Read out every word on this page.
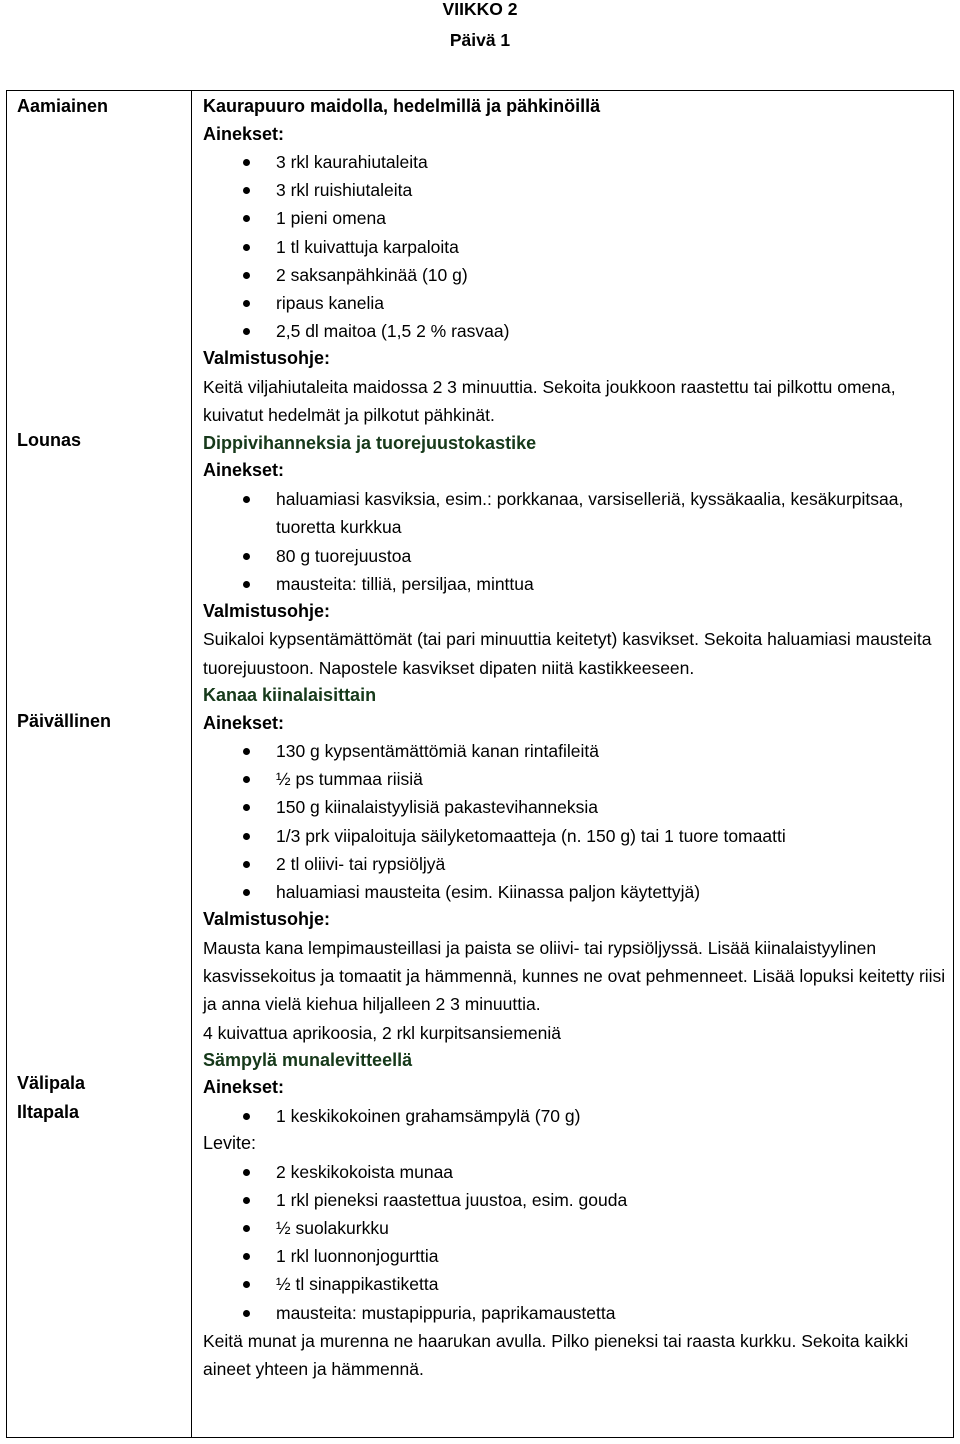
VIIKKO 2
Päivä 1
Aamiainen
Lounas
Päivällinen
Välipala
Iltapala
Kaurapuuro maidolla, hedelmillä ja pähkinöillä
Ainekset:
3 rkl kaurahiutaleita
3 rkl ruishiutaleita
1 pieni omena
1 tl kuivattuja karpaloita
2 saksanpähkinää (10 g)
ripaus kanelia
2,5 dl maitoa (1,5 2 % rasvaa)
Valmistusohje:
Keitä viljahiutaleita maidossa 2 3 minuuttia. Sekoita joukkoon raastettu tai pilkottu omena, kuivatut hedelmät ja pilkotut pähkinät.
Dippivihanneksia ja tuorejuustokastike
Ainekset:
haluamiasi kasviksia, esim.: porkkanaa, varsiselleriä, kyssäkaalia, kesäkurpitsaa, tuoretta kurkkua
80 g tuorejuustoa
mausteita: tilliä, persiljaa, minttua
Valmistusohje:
Suikaloi kypsentämättömät (tai pari minuuttia keitetyt) kasvikset. Sekoita haluamiasi mausteita tuorejuustoon. Napostele kasvikset dipaten niitä kastikkeeseen.
Kanaa kiinalaisittain
Ainekset:
130 g kypsentämättömiä kanan rintafileitä
½ ps tummaa riisiä
150 g kiinalaistyylisiä pakastevihanneksia
1/3 prk viipaloituja säilyketomaatteja (n. 150 g) tai 1 tuore tomaatti
2 tl oliivi- tai rypsiöljyä
haluamiasi mausteita (esim. Kiinassa paljon käytettyjä)
Valmistusohje:
Mausta kana lempimausteillasi ja paista se oliivi- tai rypsiöljyssä. Lisää kiinalaistyylinen kasvissekoitus ja tomaatit ja hämmennä, kunnes ne ovat pehmenneet. Lisää lopuksi keitetty riisi ja anna vielä kiehua hiljalleen 2 3 minuuttia.
4 kuivattua aprikoosia, 2 rkl kurpitsansiemeniä
Sämpylä munalevitteellä
Ainekset:
1 keskikokoinen grahamsämpylä (70 g)
Levite:
2 keskikokoista munaa
1 rkl pieneksi raastettua juustoa, esim. gouda
½ suolakurkku
1 rkl luonnonjogurttia
½ tl sinappikastiketta
mausteita: mustapippuria, paprikamaustetta
Keitä munat ja murenna ne haarukan avulla. Pilko pieneksi tai raasta kurkku. Sekoita kaikki aineet yhteen ja hämmennä.
